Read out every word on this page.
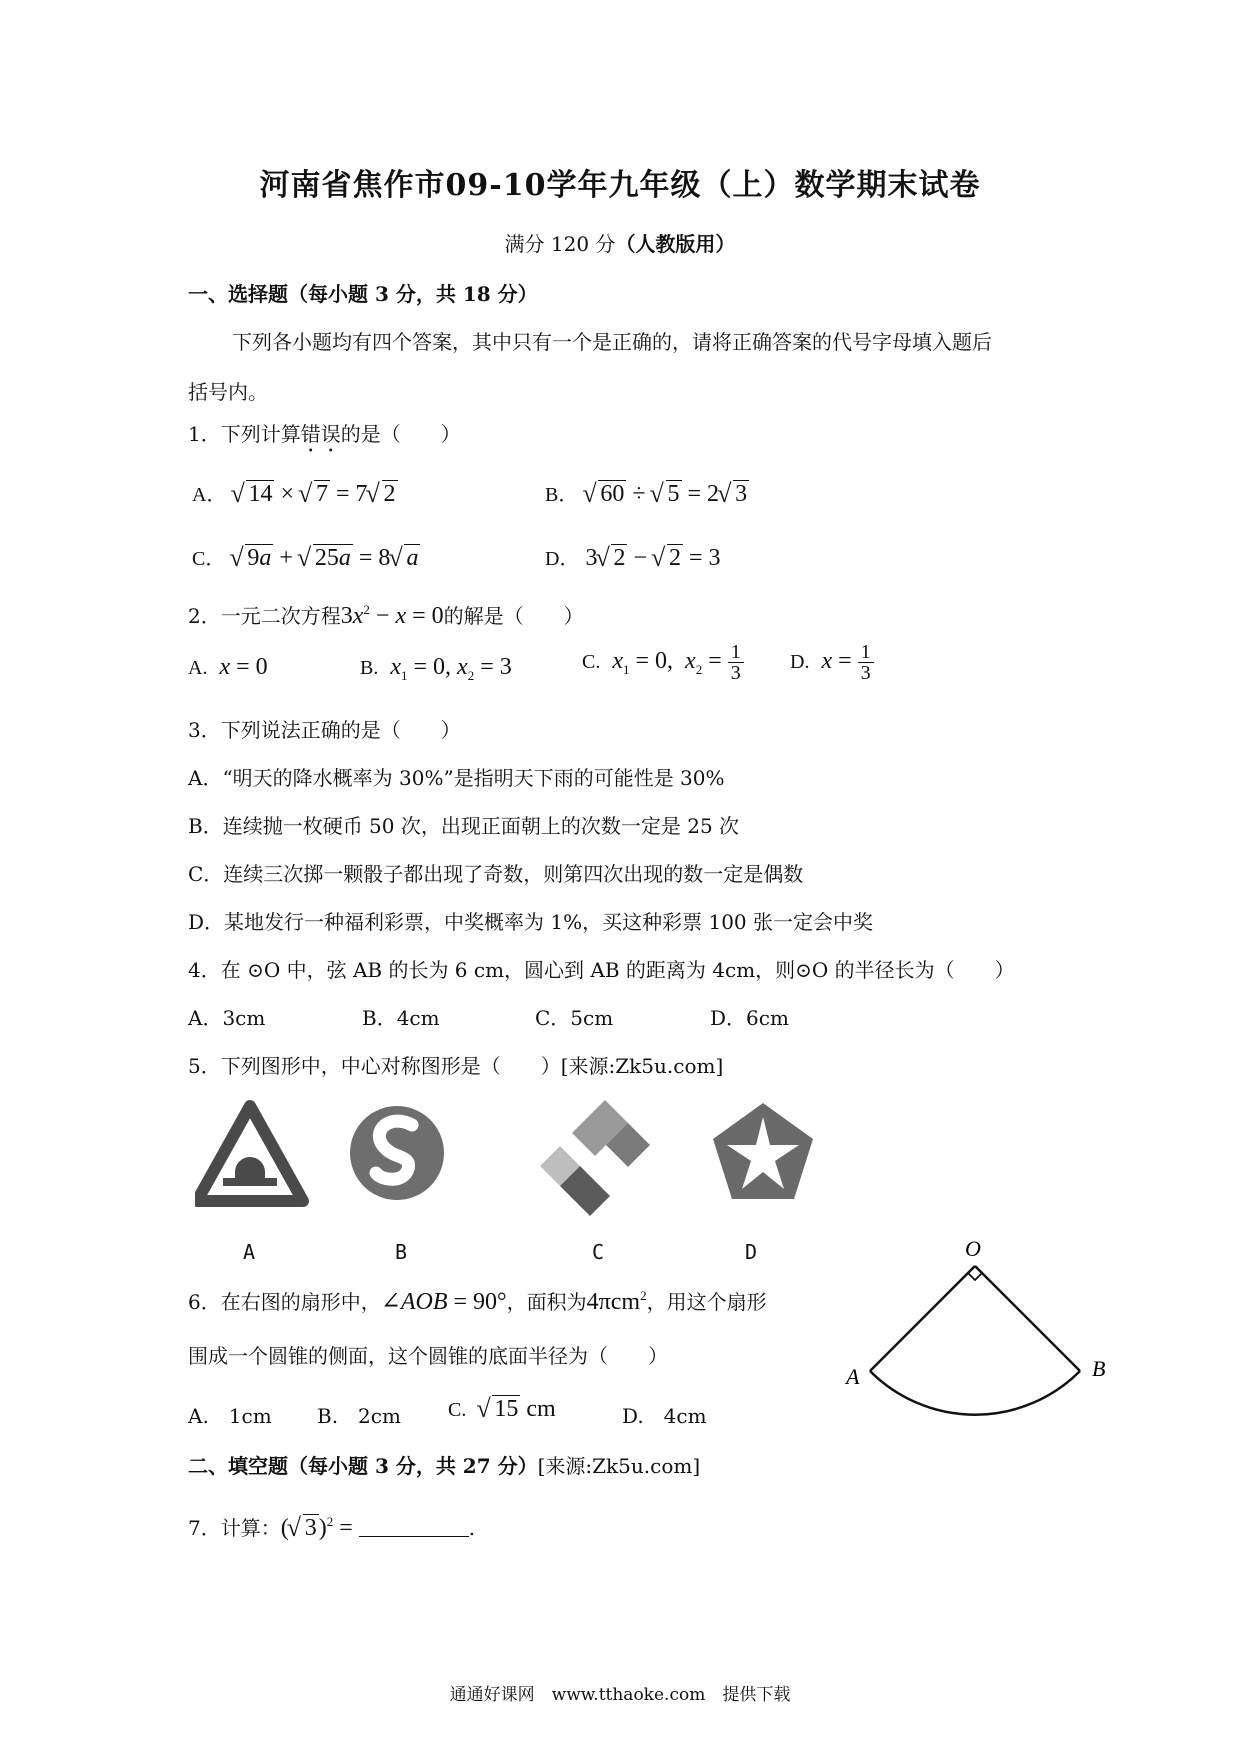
河南省焦作市09-10学年九年级（上）数学期末试卷
满分 120 分（人教版用）
一、选择题（每小题 3 分，共 18 分）
下列各小题均有四个答案，其中只有一个是正确的，请将正确答案的代号字母填入题后
括号内。
1．下列计算错误的是（　　）
A． √ 14 × √ 7 = 7 √ 2	B． √ 60 ÷ √ 5 = 2 √ 3
C． √ 9a + √ 25a = 8 √ a	D． 3 √ 2 − √ 2 = 3
2．一元二次方程$3x^2 - x = 0$的解是（　　）
A. x = 0	B. $x_1 = 0$, $x_2 = 3$	C. $x_1 = 0$,  $x_2 = \frac{1}{3} D$. $x = \frac{1}{3}$
3．下列说法正确的是（　　）
A．“明天的降水概率为 30%”是指明天下雨的可能性是 30%
B．连续抛一枚硬币 50 次，出现正面朝上的次数一定是 25 次
C．连续三次掷一颗骰子都出现了奇数，则第四次出现的数一定是偶数
D．某地发行一种福利彩票，中奖概率为 1%，买这种彩票 100 张一定会中奖
4．在 ⊙O 中，弦 AB 的长为 6 cm，圆心到 AB 的距离为 4cm，则⊙O 的半径长为（　　）
A．3cm	B．4cm	C．5cm	D．6cm
5．下列图形中，中心对称图形是（　　）[来源:Zk5u.com]
A	B	C	D
6．在右图的扇形中，∠AOB = 90°，面积为4πcm$^2$，用这个扇形
围成一个圆锥的侧面，这个圆锥的底面半径为（　　）
A.　1cm B.　2cm C. √ 15 cm	D.　4cm
O
A	B
二、填空题（每小题 3 分，共 27 分）[来源:Zk5u.com]
7．计算：( √ 3)$^2$ =	.
通通好课网　www.tthaoke.com　提供下载
